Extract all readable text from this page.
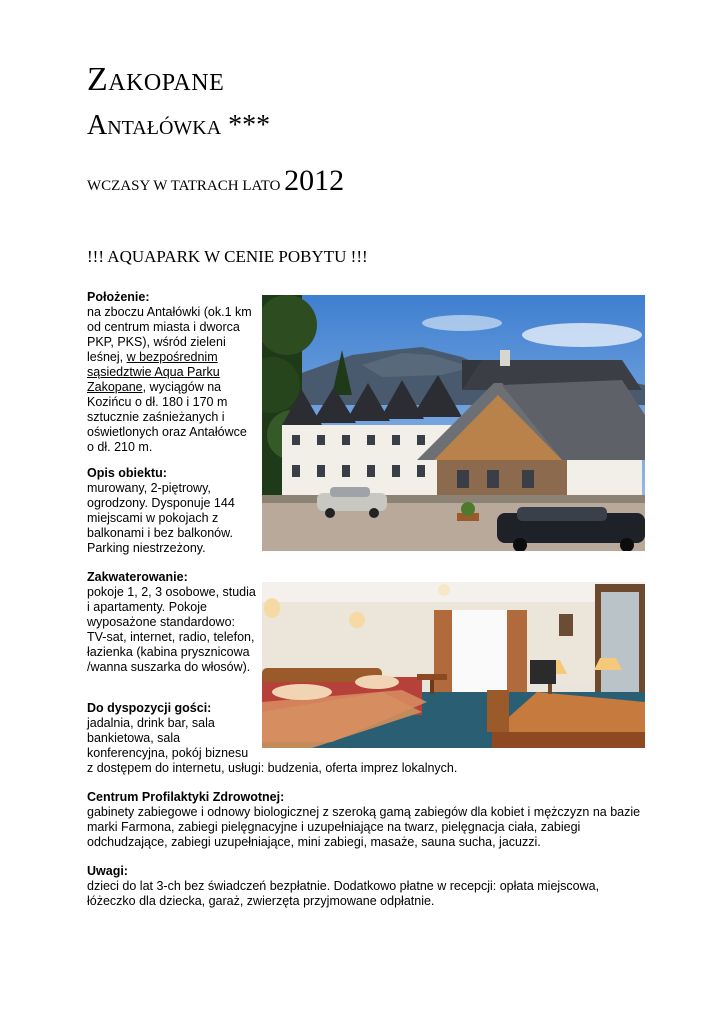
Zakopane
Antałówka ***
WCZASY W TATRACH LATO 2012
!!! AQUAPARK W CENIE POBYTU !!!
Położenie:
na zboczu Antałówki (ok.1 km od centrum miasta i dworca PKP, PKS), wśród zieleni leśnej, w bezpośrednim sąsiedztwie Aqua Parku Zakopane, wyciągów na Kozińcu o dł. 180 i 170 m sztucznie zaśnieżanych i oświetlonych oraz Antałówce o dł. 210 m.
Opis obiektu:
murowany, 2-piętrowy, ogrodzony. Dysponuje 144 miejscami w pokojach z balkonami i bez balkonów. Parking niestrzeżony.
Zakwaterowanie:
pokoje 1, 2, 3 osobowe, studia i apartamenty. Pokoje wyposażone standardowo: TV-sat, internet, radio, telefon, łazienka (kabina prysznicowa /wanna suszarka do włosów).
Do dyspozycji gości:
jadalnia, drink bar, sala bankietowa, sala konferencyjna, pokój biznesu
z dostępem do internetu, usługi: budzenia, oferta imprez lokalnych.
Centrum Profilaktyki Zdrowotnej:
gabinety zabiegowe i odnowy biologicznej z szeroką gamą zabiegów dla kobiet i mężczyzn na bazie marki Farmona, zabiegi pielęgnacyjne i uzupełniające na twarz, pielęgnacja ciała, zabiegi odchudzające, zabiegi uzupełniające, mini zabiegi, masaże, sauna sucha, jacuzzi.
Uwagi:
dzieci do lat 3-ch bez świadczeń bezpłatnie. Dodatkowo płatne w recepcji: opłata miejscowa, łóżeczko dla dziecka, garaż, zwierzęta przyjmowane odpłatnie.
